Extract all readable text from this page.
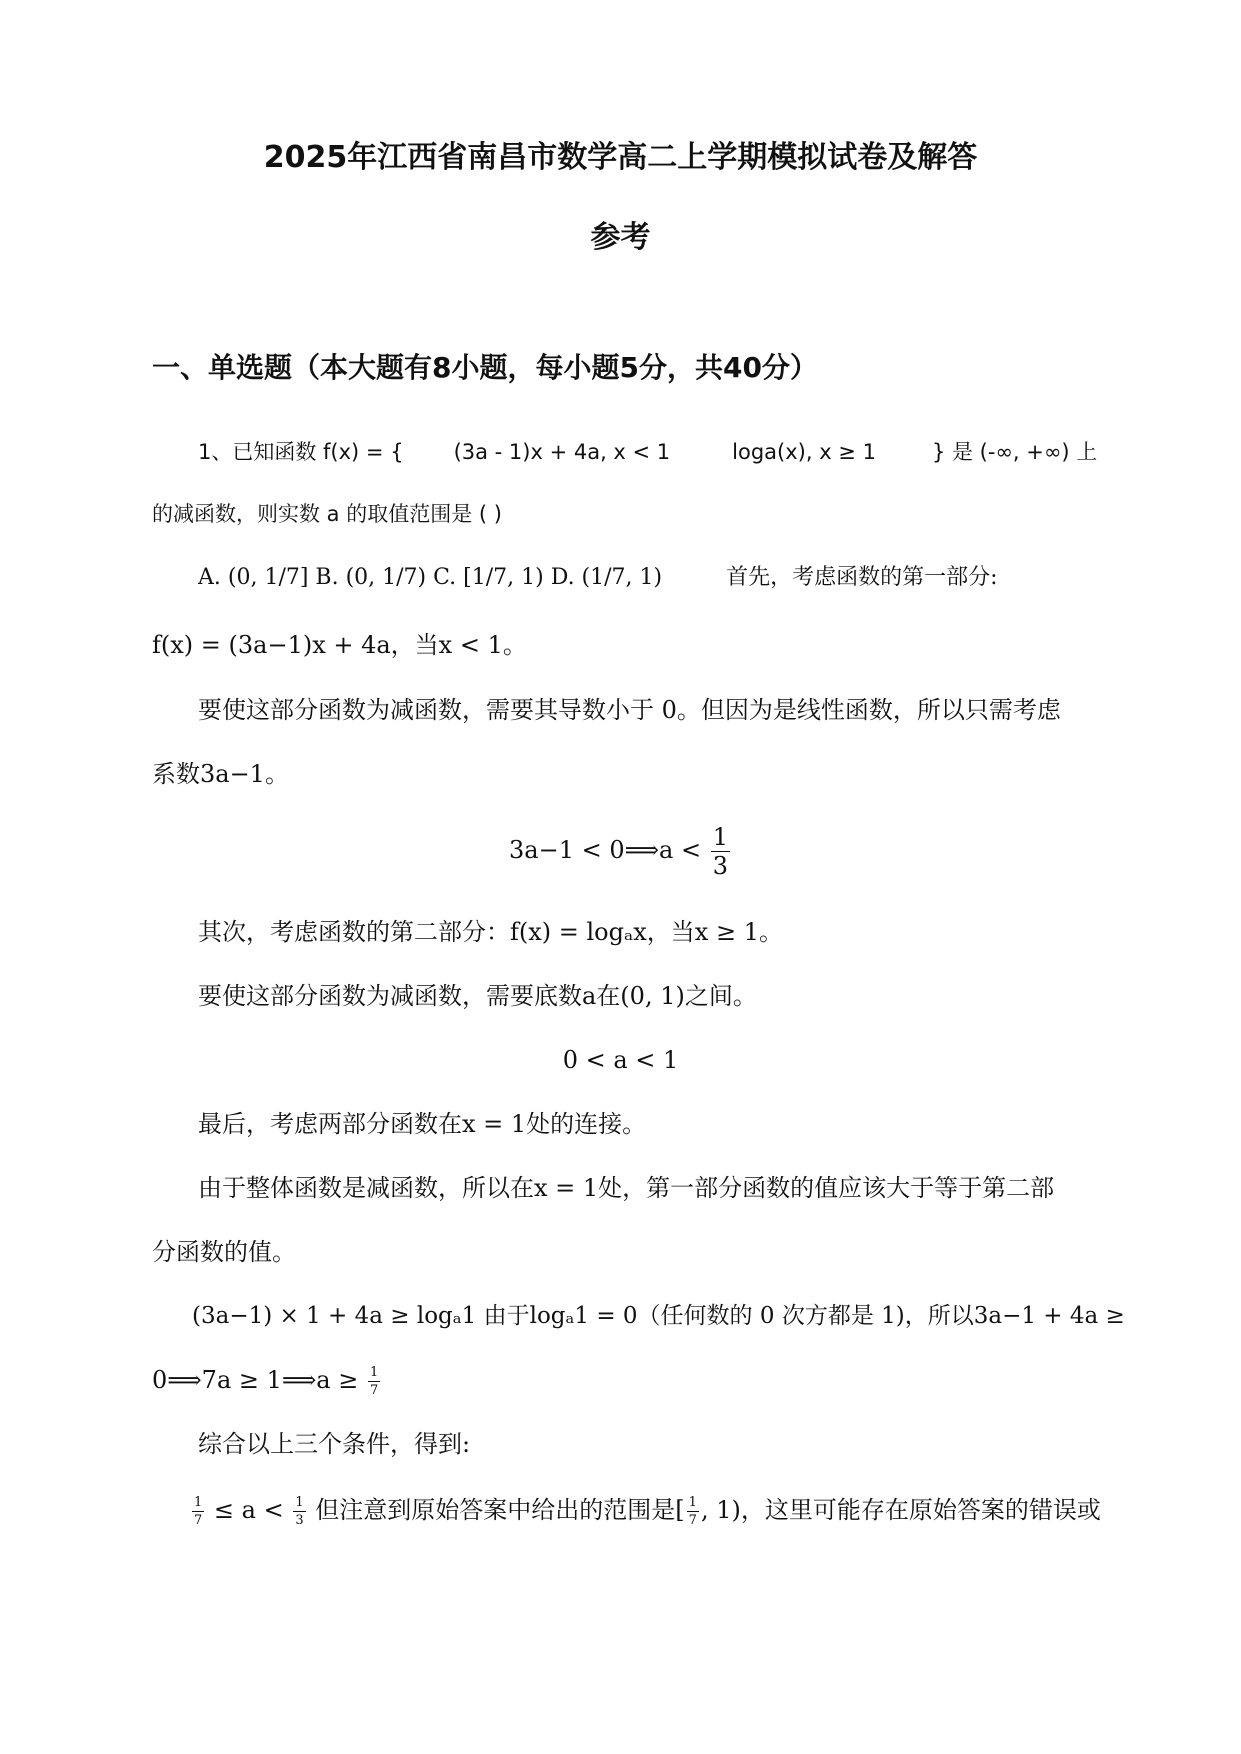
2025年江西省南昌市数学高二上学期模拟试卷及解答
参考
一、单选题（本大题有8小题，每小题5分，共40分）
1、已知函数 f(x) = { (3a - 1)x + 4a, x < 1	loga(x), x ≥ 1	} 是 (-∞, +∞) 上
的减函数，则实数 a 的取值范围是 ( )
A. (0, 1/7] B. (0, 1/7) C. [1/7, 1) D. (1/7, 1)	首先，考虑函数的第一部分:
f(x) = (3a−1)x + 4a，当x < 1。
要使这部分函数为减函数，需要其导数小于 0。但因为是线性函数，所以只需考虑
系数3a−1。
3a−1 < 0⟹a < $\frac{1}{3}$
其次，考虑函数的第二部分：f(x) = logₐx，当x ≥ 1。
要使这部分函数为减函数，需要底数a在(0, 1)之间。
0 < a < 1
最后，考虑两部分函数在x = 1处的连接。
由于整体函数是减函数，所以在x = 1处，第一部分函数的值应该大于等于第二部
分函数的值。
(3a−1) × 1 + 4a ≥ logₐ1 由于logₐ1 = 0（任何数的 0 次方都是 1)，所以3a−1 + 4a ≥
0⟹7a ≥ 1⟹a ≥ $\frac{1}{7}$
综合以上三个条件，得到:
$\frac{1}{7} \le a < \frac{1}{3}$ 但注意到原始答案中给出的范围是[ $\frac{1}{7}$ , 1)，这里可能存在原始答案的错误或
